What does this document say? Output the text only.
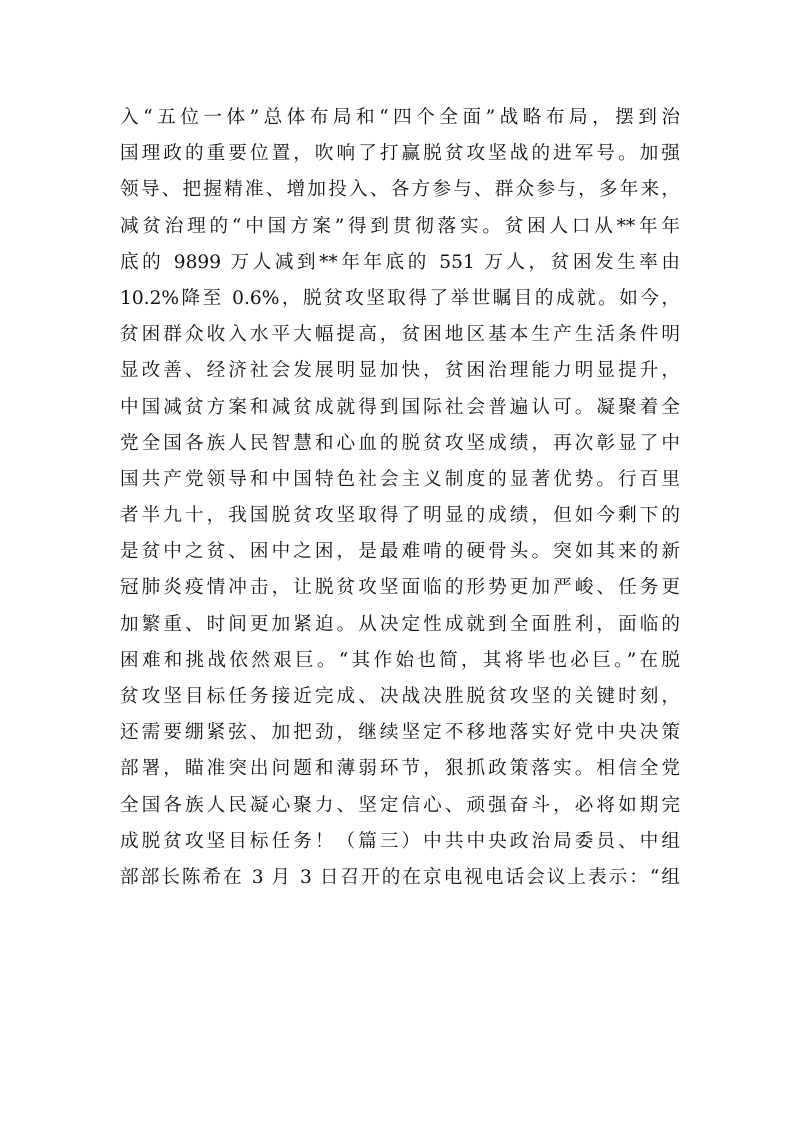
入“五位一体”总体布局和“四个全面”战略布局，摆到治
国理政的重要位置，吹响了打赢脱贫攻坚战的进军号。加强
领导、把握精准、增加投入、各方参与、群众参与，多年来，
减贫治理的“中国方案”得到贯彻落实。贫困人口从**年年
底的 9899 万人减到**年年底的 551 万人，贫困发生率由
10.2%降至 0.6%，脱贫攻坚取得了举世瞩目的成就。如今，
贫困群众收入水平大幅提高，贫困地区基本生产生活条件明
显改善、经济社会发展明显加快，贫困治理能力明显提升，
中国减贫方案和减贫成就得到国际社会普遍认可。凝聚着全
党全国各族人民智慧和心血的脱贫攻坚成绩，再次彰显了中
国共产党领导和中国特色社会主义制度的显著优势。行百里
者半九十，我国脱贫攻坚取得了明显的成绩，但如今剩下的
是贫中之贫、困中之困，是最难啃的硬骨头。突如其来的新
冠肺炎疫情冲击，让脱贫攻坚面临的形势更加严峻、任务更
加繁重、时间更加紧迫。从决定性成就到全面胜利，面临的
困难和挑战依然艰巨。“其作始也简，其将毕也必巨。”在脱
贫攻坚目标任务接近完成、决战决胜脱贫攻坚的关键时刻，
还需要绷紧弦、加把劲，继续坚定不移地落实好党中央决策
部署，瞄准突出问题和薄弱环节，狠抓政策落实。相信全党
全国各族人民凝心聚力、坚定信心、顽强奋斗，必将如期完
成脱贫攻坚目标任务！（篇三）中共中央政治局委员、中组
部部长陈希在 3 月 3 日召开的在京电视电话会议上表示：“组
